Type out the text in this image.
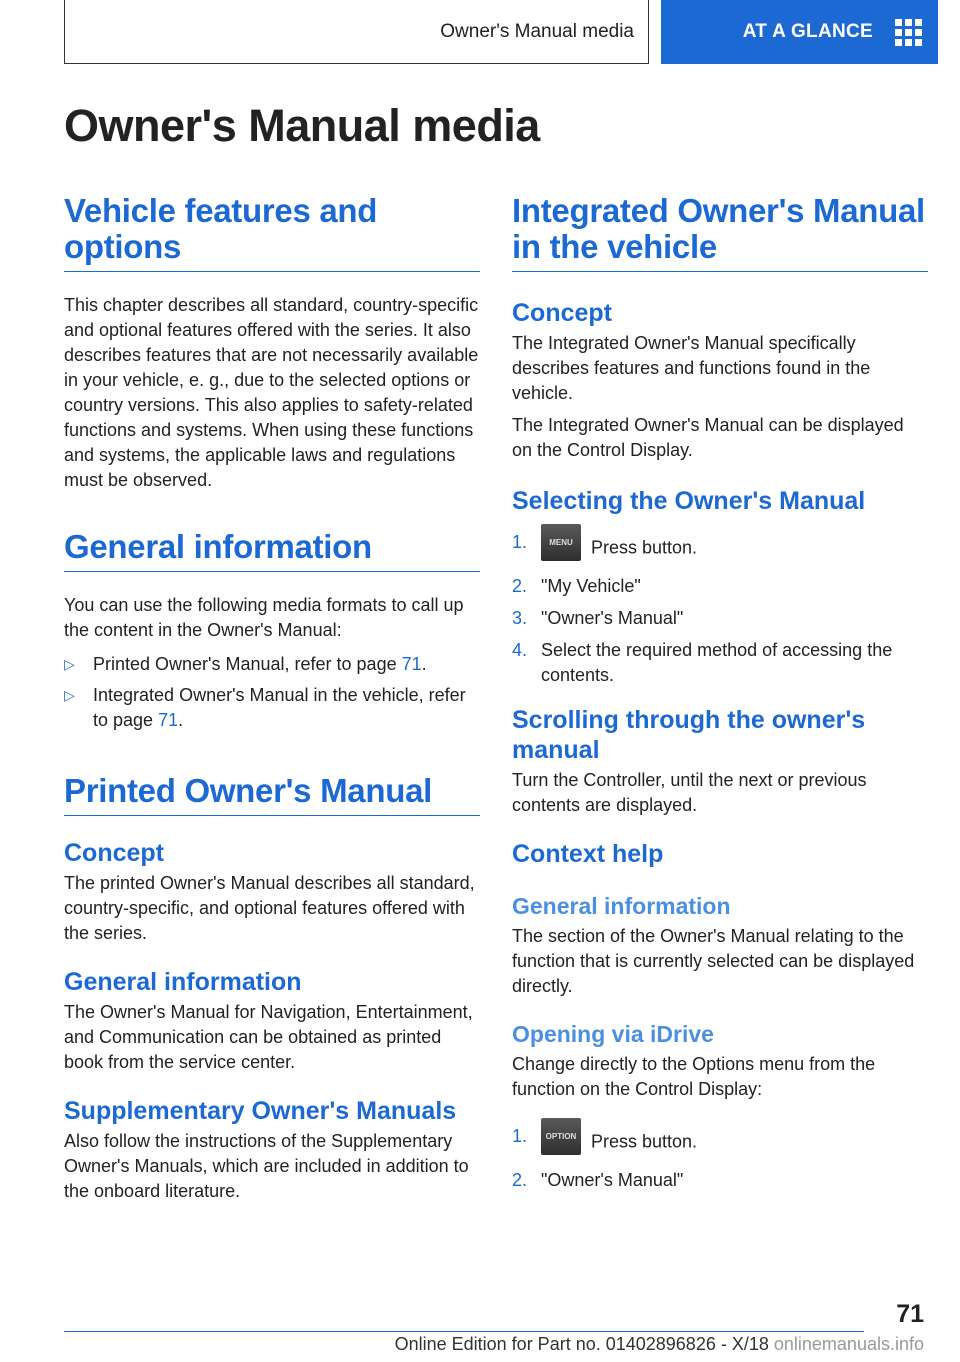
Owner's Manual media	AT A GLANCE
Owner's Manual media
Vehicle features and options

This chapter describes all standard, country-specific and optional features offered with the series. It also describes features that are not necessarily available in your vehicle, e. g., due to the selected options or country versions. This also applies to safety-related functions and systems. When using these functions and systems, the applicable laws and regulations must be observed.

General information

You can use the following media formats to call up the content in the Owner's Manual:

▷ Printed Owner's Manual, refer to page 71.
▷ Integrated Owner's Manual in the vehicle, refer to page 71.
Printed Owner's Manual
Concept

The printed Owner's Manual describes all standard, country-specific, and optional features offered with the series.

General information

The Owner's Manual for Navigation, Entertainment, and Communication can be obtained as printed book from the service center.

Supplementary Owner's Manuals

Also follow the instructions of the Supplementary Owner's Manuals, which are included in addition to the onboard literature.

Integrated Owner's Manual in the vehicle
Concept

The Integrated Owner's Manual specifically describes features and functions found in the vehicle.

The Integrated Owner's Manual can be displayed on the Control Display.

Selecting the Owner's Manual
1.	MENU Press button.
2. "My Vehicle"
3. "Owner's Manual"
4. Select the required method of accessing the contents.
Scrolling through the owner's manual

Turn the Controller, until the next or previous contents are displayed.

Context help
General information

The section of the Owner's Manual relating to the function that is currently selected can be displayed directly.

Opening via iDrive

Change directly to the Options menu from the function on the Control Display:

1. OPTION Press button.
2. "Owner's Manual"
71
Online Edition for Part no. 01402896826 - X/18 onlinemanuals.info
